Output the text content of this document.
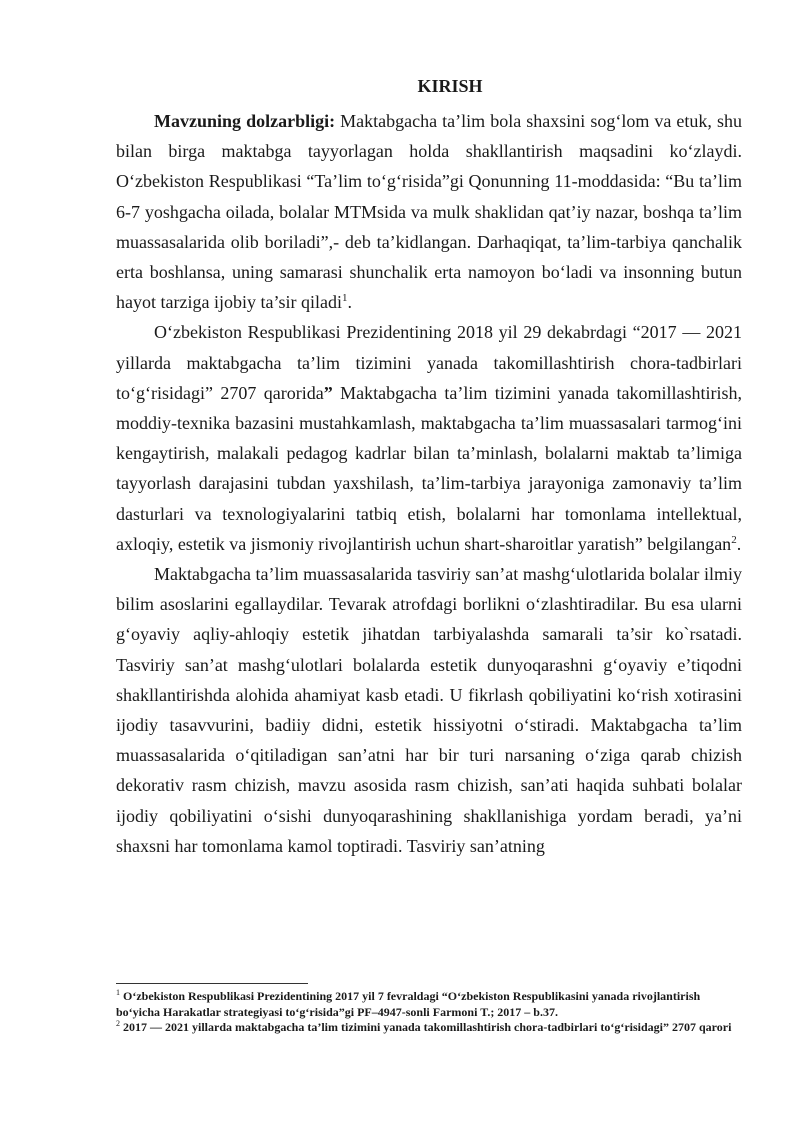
KIRISH

Mavzuning dolzarbligi: Maktabgacha ta’lim bola shaxsini sog‘lom va etuk, shu bilan birga maktabga tayyorlagan holda shakllantirish maqsadini ko‘zlaydi. O‘zbekiston Respublikasi “Ta’lim to‘g‘risida”gi Qonunning 11-moddasida: “Bu ta’lim 6-7 yoshgacha oilada, bolalar MTMsida va mulk shaklidan qat’iy nazar, boshqa ta’lim muassasalarida olib boriladi”,- deb ta’kidlangan. Darhaqiqat, ta’lim-tarbiya qanchalik erta boshlansa, uning samarasi shunchalik erta namoyon bo‘ladi va insonning butun hayot tarziga ijobiy ta’sir qiladi$^1$.

O‘zbekiston Respublikasi Prezidentining 2018 yil 29 dekabrdagi “2017 — 2021 yillarda maktabgacha ta’lim tizimini yanada takomillashtirish chora-tadbirlari to‘g‘risidagi” 2707 qarorida” Maktabgacha ta’lim tizimini yanada takomillashtirish, moddiy-texnika bazasini mustahkamlash, maktabgacha ta’lim muassasalari tarmog‘ini kengaytirish, malakali pedagog kadrlar bilan ta’minlash, bolalarni maktab ta’limiga tayyorlash darajasini tubdan yaxshilash, ta’lim-tarbiya jarayoniga zamonaviy ta’lim dasturlari va texnologiyalarini tatbiq etish, bolalarni har tomonlama intellektual, axloqiy, estetik va jismoniy rivojlantirish uchun shart-sharoitlar yaratish” belgilangan$^2$.

Maktabgacha ta’lim muassasalarida tasviriy san’at mashg‘ulotlarida bolalar ilmiy bilim asoslarini egallaydilar. Tevarak atrofdagi borlikni o‘zlashtiradilar. Bu esa ularni g‘oyaviy aqliy-ahloqiy estetik jihatdan tarbiyalashda samarali ta’sir ko`rsatadi. Tasviriy san’at mashg‘ulotlari bolalarda estetik dunyoqarashni g‘oyaviy e’tiqodni shakllantirishda alohida ahamiyat kasb etadi. U fikrlash qobiliyatini ko‘rish xotirasini ijodiy tasavvurini, badiiy didni, estetik hissiyotni o‘stiradi. Maktabgacha ta’lim muassasalarida o‘qitiladigan san’atni har bir turi narsaning o‘ziga qarab chizish dekorativ rasm chizish, mavzu asosida rasm chizish, san’ati haqida suhbati bolalar ijodiy qobiliyatini o‘sishi dunyoqarashining shakllanishiga yordam beradi, ya’ni shaxsni har tomonlama kamol toptiradi. Tasviriy san’atning

$^1$ O‘zbekiston Respublikasi Prezidentining 2017 yil 7 fevraldagi “O‘zbekiston Respublikasini yanada rivojlantirish bo‘yicha Harakatlar strategiyasi to‘g‘risida”gi PF–4947-sonli Farmoni T.; 2017 – b.37.

$^2$ 2017 — 2021 yillarda maktabgacha ta’lim tizimini yanada takomillashtirish chora-tadbirlari to‘g‘risidagi” 2707 qarori
